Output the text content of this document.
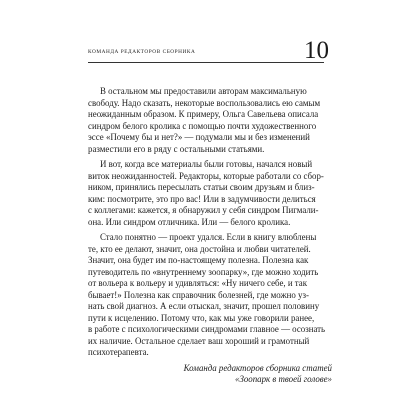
КОМАНДА РЕДАКТОРОВ СБОРНИКА	10
В остальном мы предоставили авторам максимальную
свободу. Надо сказать, некоторые воспользовались ею самым
неожиданным образом. К примеру, Ольга Савельева описала
синдром белого кролика с помощью почти художественного
эссе «Почему бы и нет?» — подумали мы и без изменений
разместили его в ряду с остальными статьями.
И вот, когда все материалы были готовы, начался новый
виток неожиданностей. Редакторы, которые работали со сбор-
ником, принялись пересылать статьи своим друзьям и близ-
ким: посмотрите, это про вас! Или в задумчивости делиться
с коллегами: кажется, я обнаружил у себя синдром Пигмали-
она. Или синдром отличника. Или — белого кролика.
Стало понятно — проект удался. Если в книгу влюблены
те, кто ее делают, значит, она достойна и любви читателей.
Значит, она будет им по-настоящему полезна. Полезна как
путеводитель по «внутреннему зоопарку», где можно ходить
от вольера к вольеру и удивляться: «Ну ничего себе, и так
бывает!» Полезна как справочник болезней, где можно уз-
нать свой диагноз. А если отыскал, значит, прошел половину
пути к исцелению. Потому что, как мы уже говорили ранее,
в работе с психологическими синдромами главное — осознать
их наличие. Остальное сделает ваш хороший и грамотный
психотерапевта.
Команда редакторов сборника статей
«Зоопарк в твоей голове»
